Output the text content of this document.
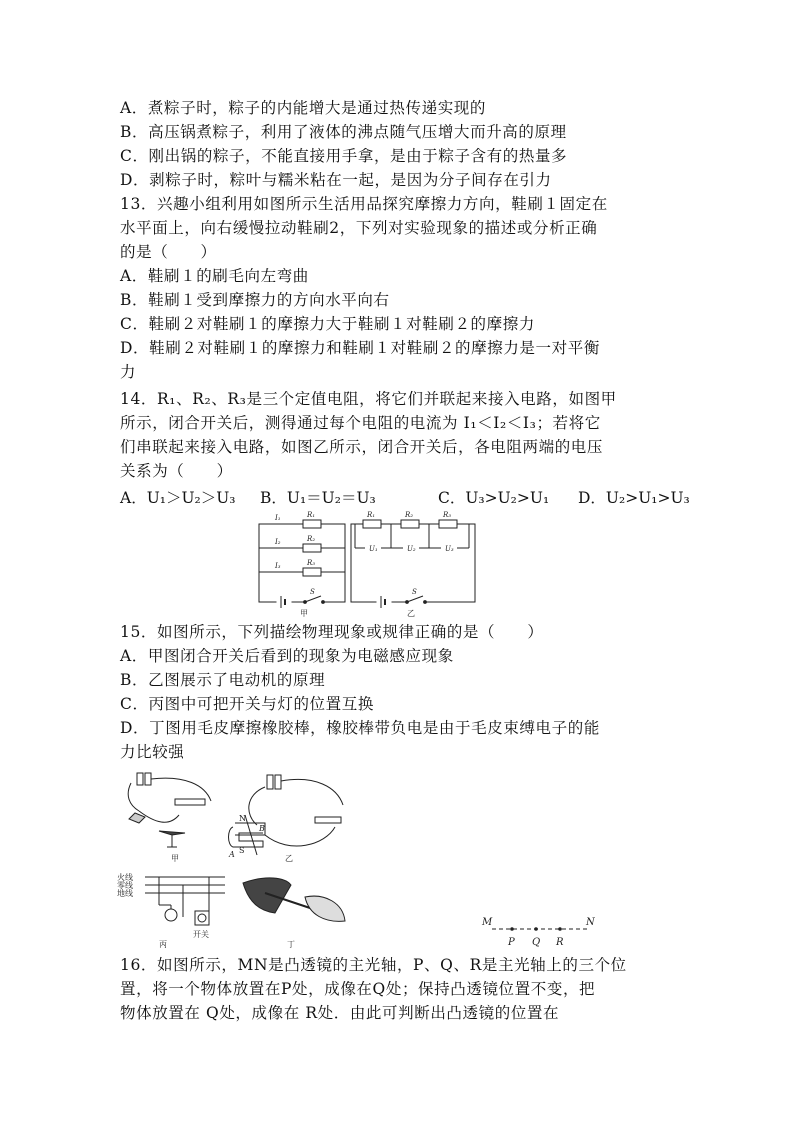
A．煮粽子时，粽子的内能增大是通过热传递实现的
B．高压锅煮粽子，利用了液体的沸点随气压增大而升高的原理
C．刚出锅的粽子，不能直接用手拿，是由于粽子含有的热量多
D．剥粽子时，粽叶与糯米粘在一起，是因为分子间存在引力
13．兴趣小组利用如图所示生活用品探究摩擦力方向，鞋刷１固定在
水平面上，向右缓慢拉动鞋刷2，下列对实验现象的描述或分析正确
的是（　　）
A．鞋刷１的刷毛向左弯曲
B．鞋刷１受到摩擦力的方向水平向右
C．鞋刷２对鞋刷１的摩擦力大于鞋刷１对鞋刷２的摩擦力
D．鞋刷２对鞋刷１的摩擦力和鞋刷１对鞋刷２的摩擦力是一对平衡
力
14．R₁、R₂、R₃是三个定值电阻，将它们并联起来接入电路，如图甲
所示，闭合开关后，测得通过每个电阻的电流为 I₁＜I₂＜I₃；若将它
们串联起来接入电路，如图乙所示，闭合开关后，各电阻两端的电压
关系为（　　）
A．U₁＞U₂＞U₃ B．U₁＝U₂＝U₃	C．U₃>U₂>U₁ D．U₂>U₁>U₃
I₁
I₂
I₃
R₁
R₂
R₃
R₁	R₂	R₃
U₁	U₂	U₃
S	S
甲	乙
15．如图所示，下列描绘物理现象或规律正确的是（　　）
A．甲图闭合开关后看到的现象为电磁感应现象
B．乙图展示了电动机的原理
C．丙图中可把开关与灯的位置互换
D．丁图用毛皮摩擦橡胶棒，橡胶棒带负电是由于毛皮束缚电子的能
力比较强
甲	乙
丙	丁
火线
零线
地线
开关
N
S
A
B
M	N
P Q R
16．如图所示，MN是凸透镜的主光轴，P、Q、R是主光轴上的三个位
置，将一个物体放置在P处，成像在Q处；保持凸透镜位置不变，把
物体放置在 Q处，成像在 R处．由此可判断出凸透镜的位置在
